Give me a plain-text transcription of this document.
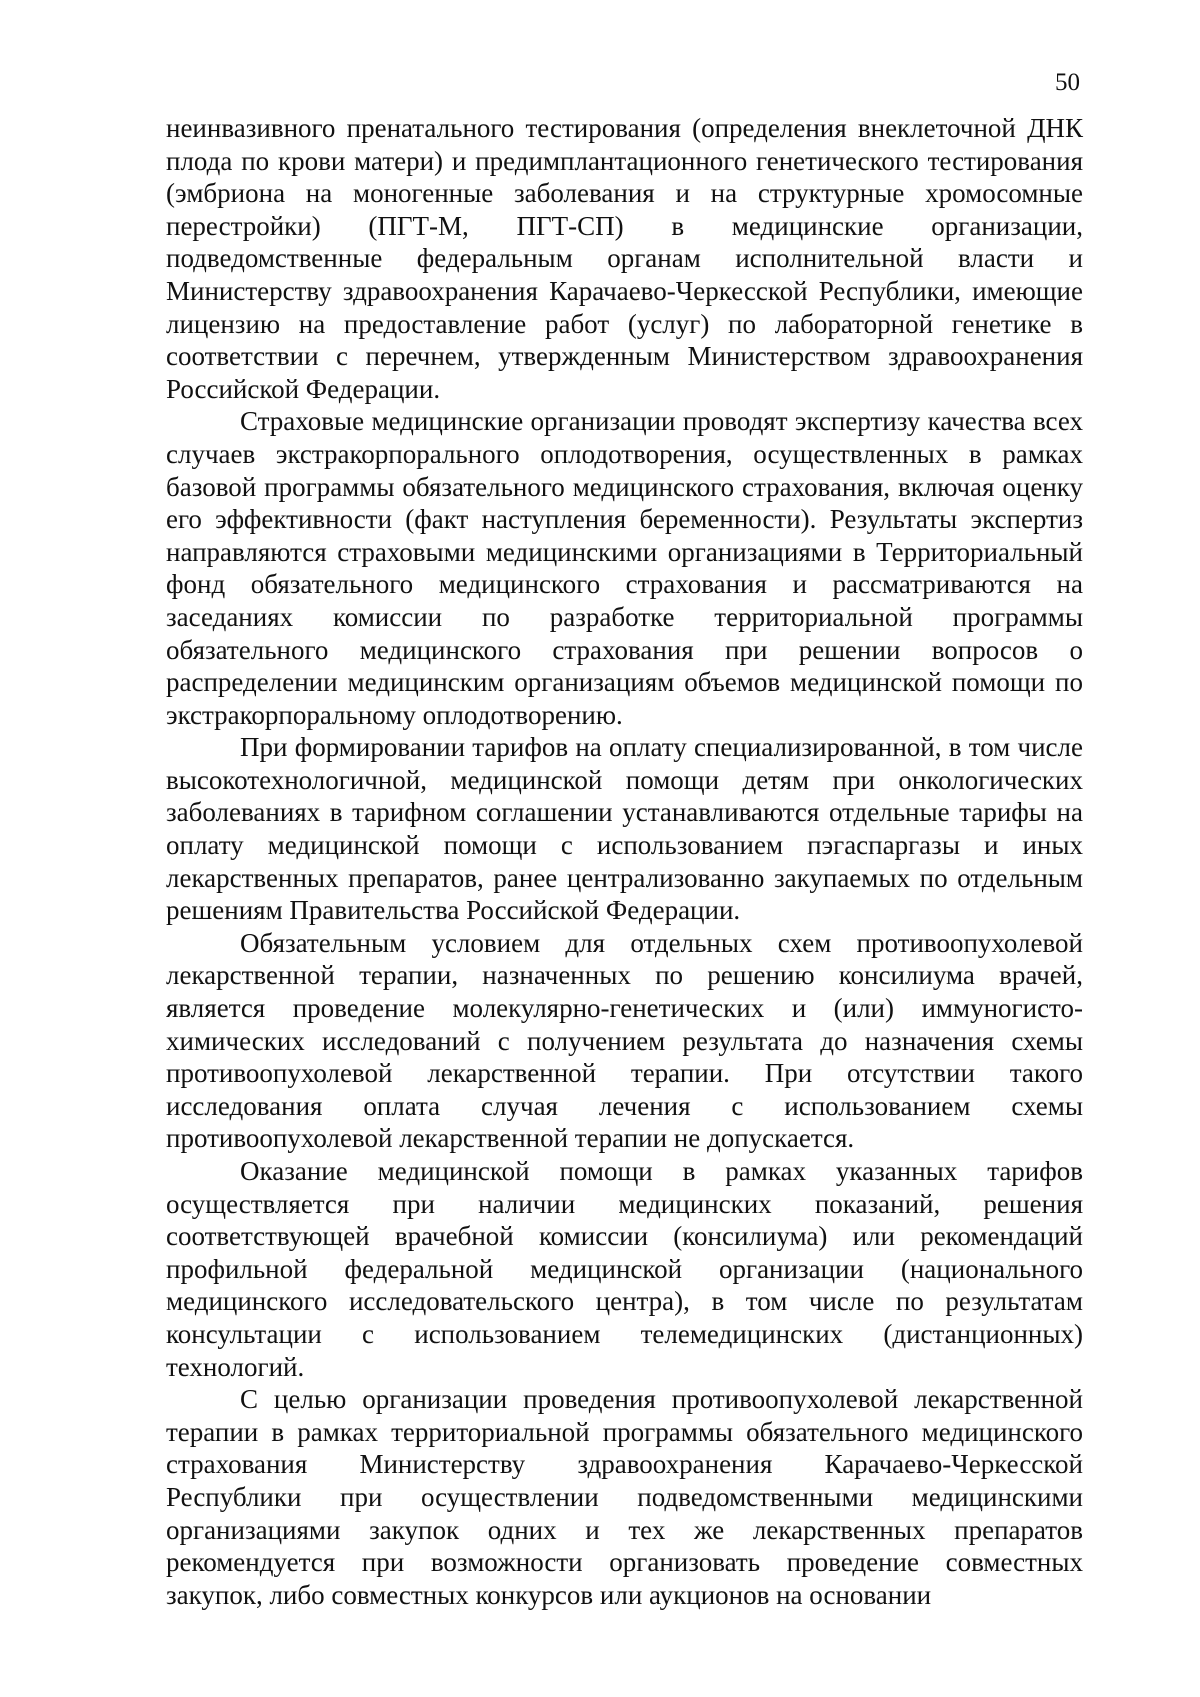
50

неинвазивного пренатального тестирования (определения внеклеточной ДНК плода по крови матери) и предимплантационного генетического тестирования (эмбриона на моногенные заболевания и на структурные хромосомные перестройки) (ПГТ-М, ПГТ-СП) в медицинские организации, подведомственные федеральным органам исполнительной власти и Министерству здравоохранения Карачаево-Черкесской Республики, имеющие лицензию на предоставление работ (услуг) по лабораторной генетике в соответствии с перечнем, утвержденным Министерством здравоохранения Российской Федерации.

Страховые медицинские организации проводят экспертизу качества всех случаев экстракорпорального оплодотворения, осуществленных в рамках базовой программы обязательного медицинского страхования, включая оценку его эффективности (факт наступления беременности). Результаты экспертиз направляются страховыми медицинскими организациями в Территориальный фонд обязательного медицинского страхования и рассматриваются на заседаниях комиссии по разработке территориальной программы обязательного медицинского страхования при решении вопросов о распределении медицинским организациям объемов медицинской помощи по экстракорпоральному оплодотворению.

При формировании тарифов на оплату специализированной, в том числе высокотехнологичной, медицинской помощи детям при онкологических заболеваниях в тарифном соглашении устанавливаются отдельные тарифы на оплату медицинской помощи с использованием пэгаспаргазы и иных лекарственных препаратов, ранее централизованно закупаемых по отдельным решениям Правительства Российской Федерации.

Обязательным условием для отдельных схем противоопухолевой лекарственной терапии, назначенных по решению консилиума врачей, является проведение молекулярно-генетических и (или) иммуногистохимических исследований с получением результата до назначения схемы противоопухолевой лекарственной терапии. При отсутствии такого исследования оплата случая лечения с использованием схемы противоопухолевой лекарственной терапии не допускается.

Оказание медицинской помощи в рамках указанных тарифов осуществляется при наличии медицинских показаний, решения соответствующей врачебной комиссии (консилиума) или рекомендаций профильной федеральной медицинской организации (национального медицинского исследовательского центра), в том числе по результатам консультации с использованием телемедицинских (дистанционных) технологий.

С целью организации проведения противоопухолевой лекарственной терапии в рамках территориальной программы обязательного медицинского страхования Министерству здравоохранения Карачаево-Черкесской Республики при осуществлении подведомственными медицинскими организациями закупок одних и тех же лекарственных препаратов рекомендуется при возможности организовать проведение совместных закупок, либо совместных конкурсов или аукционов на основании
